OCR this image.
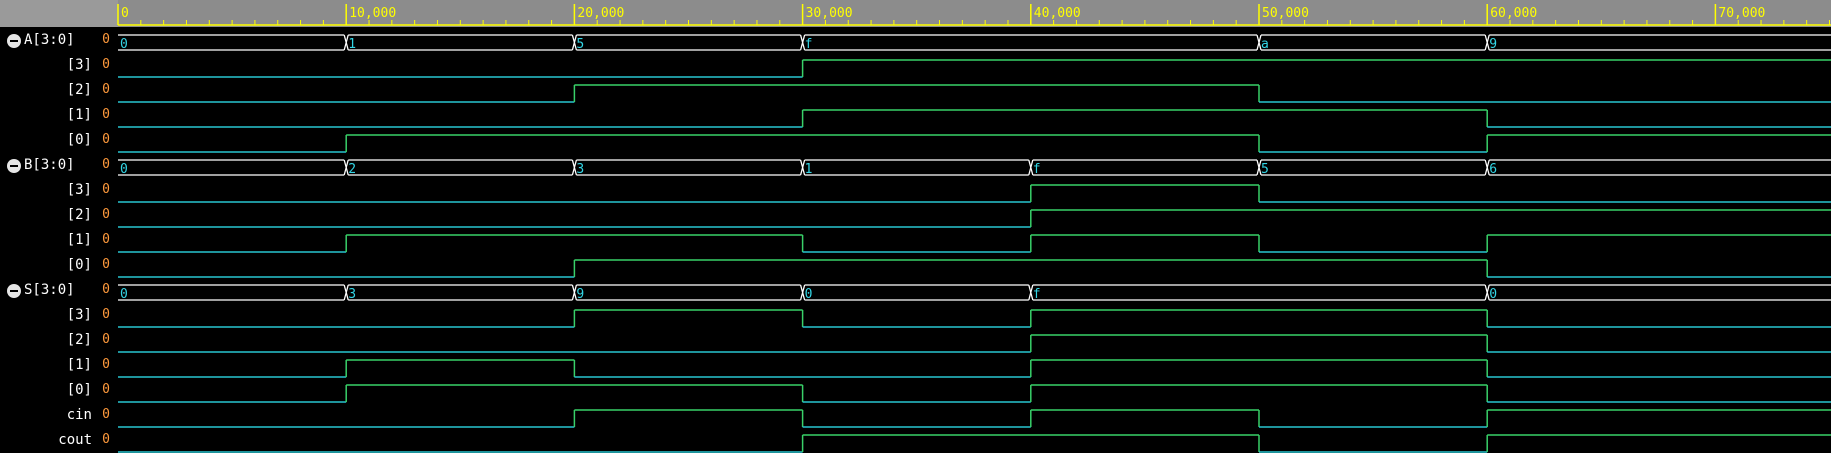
A[3:0]	0
[3] 0
[2] 0
[1] 0
[0] 0
B[3:0]	0
[3] 0
[2] 0
[1] 0
[0] 0
S[3:0]	0
[3] 0
[2] 0
[1] 0
[0] 0
cin 0
cout 0
0	10,000	20,000	30,000	40,000	50,000	60,000	70,000
0	1	5	f	a	9
0	2	3	1	f	5	6
0	3	9	0	f	0
